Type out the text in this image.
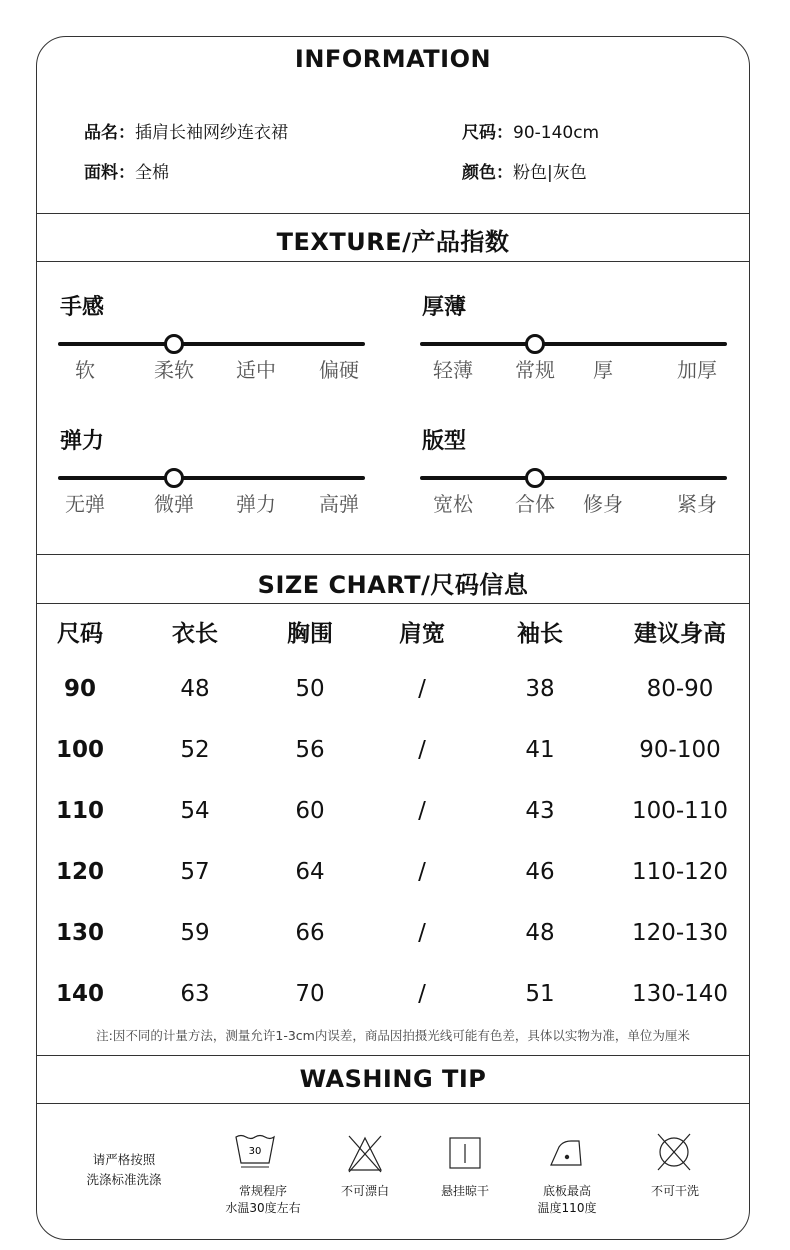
INFORMATION
品名：插肩长袖网纱连衣裙
面料：全棉
尺码：90-140cm
颜色：粉色|灰色
TEXTURE/产品指数
手感
软	柔软 适中 偏硬
厚薄
轻薄 常规 厚	加厚
弹力
无弹 微弹 弹力 高弹
版型
宽松 合体 修身	紧身
SIZE CHART/尺码信息
尺码	衣长	胸围	肩宽	袖长	建议身高
90	48	50	/	38	80-90
100	52	56	/	41	90-100
110	54	60	/	43	100-110
120	57	64	/	46	110-120
130	59	66	/	48	120-130
140	63	70	/	51	130-140
注:因不同的计量方法，测量允许1-3cm内误差，商品因拍摄光线可能有色差，具体以实物为准，单位为厘米
WASHING TIP
请严格按照
洗涤标准洗涤
30
常规程序
水温30度左右
不可漂白	悬挂晾干	底板最高
温度110度
不可干洗
